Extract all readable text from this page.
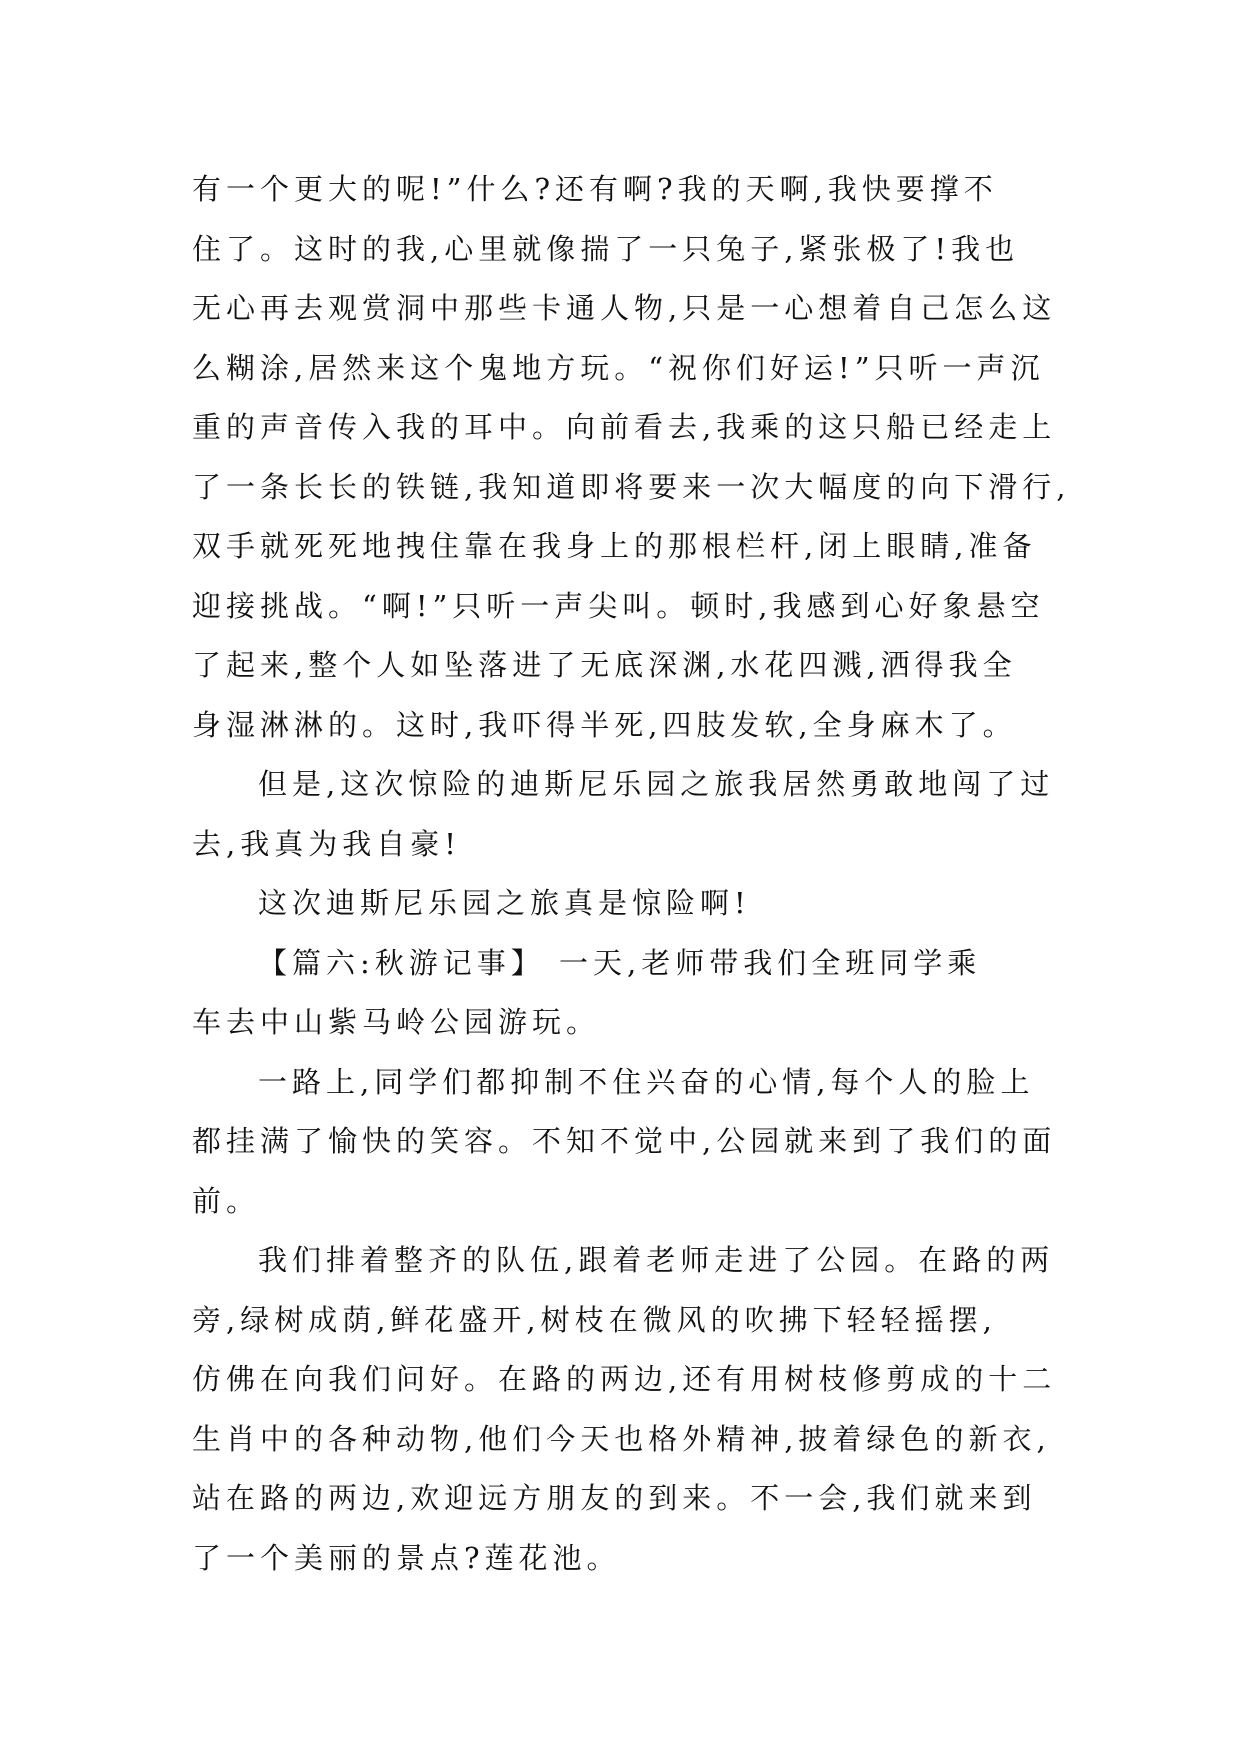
有一个更大的呢!”什么?还有啊?我的天啊,我快要撑不
住了。这时的我,心里就像揣了一只兔子,紧张极了!我也
无心再去观赏洞中那些卡通人物,只是一心想着自己怎么这
么糊涂,居然来这个鬼地方玩。“祝你们好运!”只听一声沉
重的声音传入我的耳中。向前看去,我乘的这只船已经走上
了一条长长的铁链,我知道即将要来一次大幅度的向下滑行,
双手就死死地拽住靠在我身上的那根栏杆,闭上眼睛,准备
迎接挑战。“啊!”只听一声尖叫。顿时,我感到心好象悬空
了起来,整个人如坠落进了无底深渊,水花四溅,洒得我全
身湿淋淋的。这时,我吓得半死,四肢发软,全身麻木了。
但是,这次惊险的迪斯尼乐园之旅我居然勇敢地闯了过
去,我真为我自豪!
这次迪斯尼乐园之旅真是惊险啊!
【篇六:秋游记事】 一天,老师带我们全班同学乘
车去中山紫马岭公园游玩。
一路上,同学们都抑制不住兴奋的心情,每个人的脸上
都挂满了愉快的笑容。不知不觉中,公园就来到了我们的面
前。
我们排着整齐的队伍,跟着老师走进了公园。在路的两
旁,绿树成荫,鲜花盛开,树枝在微风的吹拂下轻轻摇摆,
仿佛在向我们问好。在路的两边,还有用树枝修剪成的十二
生肖中的各种动物,他们今天也格外精神,披着绿色的新衣,
站在路的两边,欢迎远方朋友的到来。不一会,我们就来到
了一个美丽的景点?莲花池。
